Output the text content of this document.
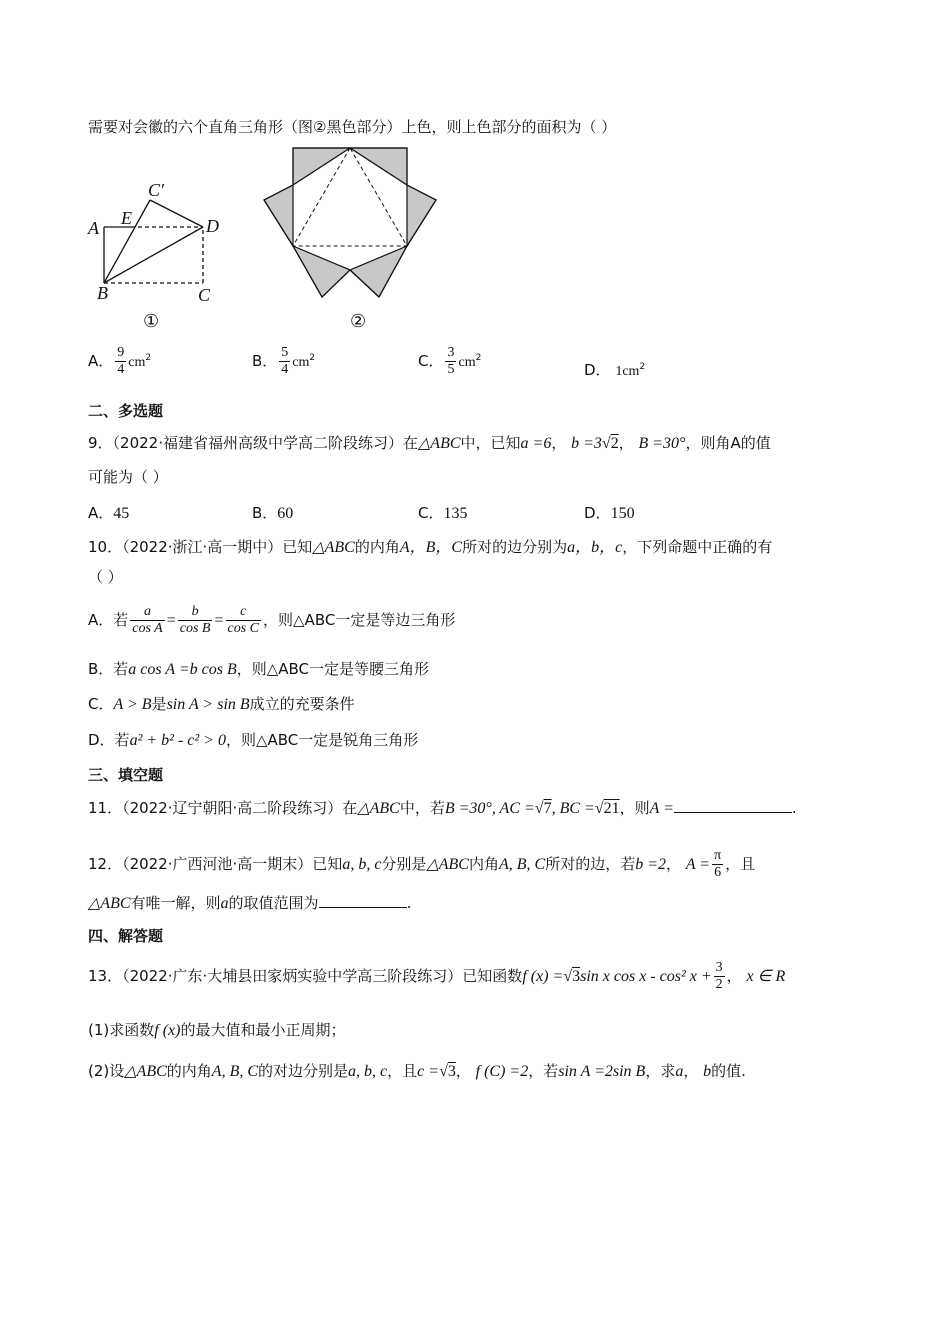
需要对会徽的六个直角三角形（图②黑色部分）上色，则上色部分的面积为（ ）
A E
C′
D
B	C
①	②
A． $\frac{9}{4} cm^2$	B． $\frac{5}{4} cm^2$	C． $\frac{3}{5} cm^2$
D． $1cm^2$
二、多选题
9．（2022·福建省福州高级中学高二阶段练习）在△ABC中，已知a =6， b =3√2， B =30°，则角A的值
可能为（ ）
A．45	B．60	C．135	D．150
10．（2022·浙江·高一期中）已知△ABC的内角A，B，C所对的边分别为a，b，c，下列命题中正确的有
（ ）
A．若 $\frac{a}{\text{cos A}} = \frac{b}{\text{cos B}} = \frac{c}{\text{cos C}}$ ，则△ABC一定是等边三角形
B．若a cos A =b cos B，则△ABC一定是等腰三角形
C．A > B是sin A > sin B成立的充要条件
D．若a² + b² - c² > 0，则△ABC一定是锐角三角形
三、填空题
11．（2022·辽宁朝阳·高二阶段练习）在△ABC中，若B =30°, AC =√7, BC =√21，则A =	.
12．（2022·广西河池·高一期末）已知a, b, c分别是△ABC内角A, B, C所对的边，若b =2， $A = \frac{\pi}{6}$ ，且
△ABC有唯一解，则a的取值范围为	.
四、解答题
13．（2022·广东·大埔县田家炳实验中学高三阶段练习）已知函数f (x) =√3sin x cos x - cos² $x + \frac{3}{2}$ ， x ∈ R
(1)求函数f (x)的最大值和最小正周期；
(2)设△ABC的内角A, B, C的对边分别是a, b, c，且c =√3， f (C) =2，若sin A =2sin B，求a， b的值.
